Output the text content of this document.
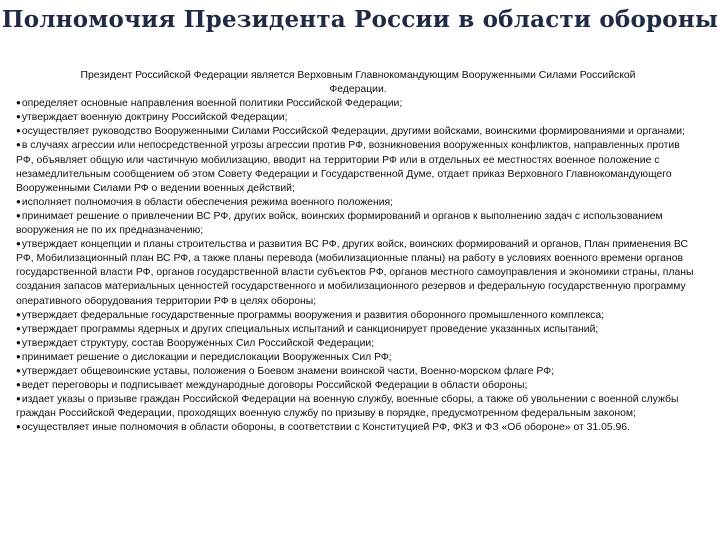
Полномочия Президента России в области обороны

Президент Российской Федерации является Верховным Главнокомандующим Вооруженными Силами Российской Федерации.

●определяет основные направления военной политики Российской Федерации;

●утверждает военную доктрину Российской Федерации;

●осуществляет руководство Вооруженными Силами Российской Федерации, другими войсками, воинскими формированиями и органами;

●в случаях агрессии или непосредственной угрозы агрессии против РФ, возникновения вооруженных конфликтов, направленных против РФ, объявляет общую или частичную мобилизацию, вводит на территории РФ или в отдельных ее местностях военное положение с незамедлительным сообщением об этом Совету Федерации и Государственной Думе, отдает приказ Верховного Главнокомандующего Вооруженными Силами РФ о ведении военных действий;

●исполняет полномочия в области обеспечения режима военного положения;

●принимает решение о привлечении ВС РФ, других войск, воинских формирований и органов к выполнению задач с использованием вооружения не по их предназначению;

●утверждает концепции и планы строительства и развития ВС РФ, других войск, воинских формирований и органов, План применения ВС РФ, Мобилизационный план ВС РФ, а также планы перевода (мобилизационные планы) на работу в условиях военного времени органов государственной власти РФ, органов государственной власти субъектов РФ, органов местного самоуправления и экономики страны, планы создания запасов материальных ценностей государственного и мобилизационного резервов и федеральную государственную программу оперативного оборудования территории РФ в целях обороны;

●утверждает федеральные государственные программы вооружения и развития оборонного промышленного комплекса;

●утверждает программы ядерных и других специальных испытаний и санкционирует проведение указанных испытаний;

●утверждает структуру, состав Вооруженных Сил Российской Федерации;

●принимает решение о дислокации и передислокации Вооруженных Сил РФ;

●утверждает общевоинские уставы, положения о Боевом знамени воинской части, Военно-морском флаге РФ;

●ведет переговоры и подписывает международные договоры Российской Федерации в области обороны;

●издает указы о призыве граждан Российской Федерации на военную службу, военные сборы, а также об увольнении с военной службы граждан Российской Федерации, проходящих военную службу по призыву в порядке, предусмотренном федеральным законом;

●осуществляет иные полномочия в области обороны, в соответствии с Конституцией РФ, ФКЗ и ФЗ «Об обороне» от 31.05.96.
